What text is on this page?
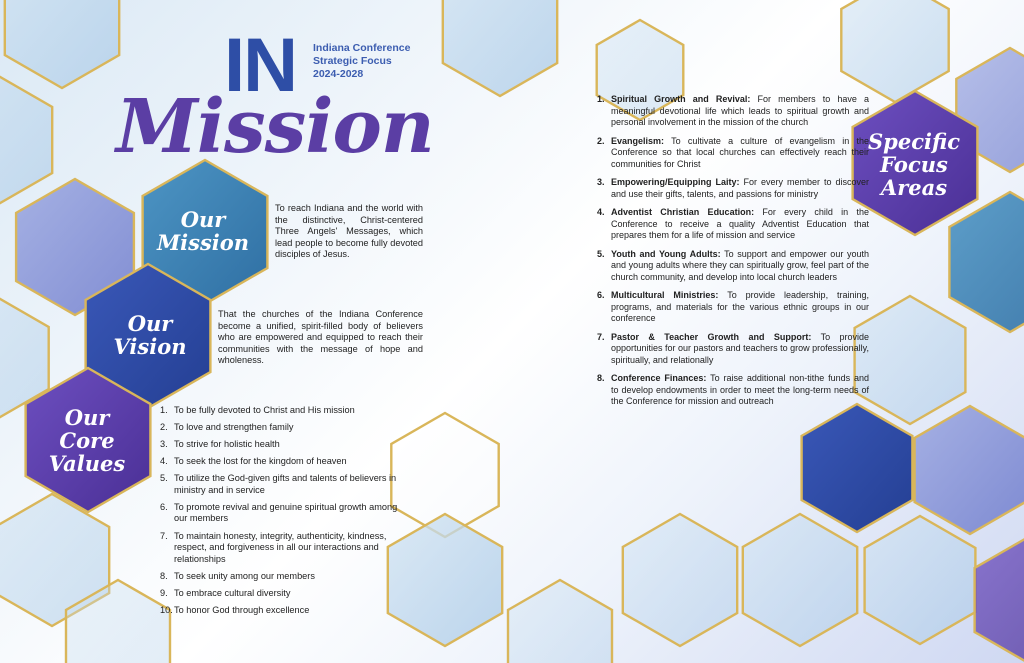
IN Indiana Conference
Strategic Focus
2024-2028
Mission
Our
Mission
To reach Indiana and the world with the distinctive, Christ-centered Three Angels' Messages, which lead people to become fully devoted disciples of Jesus.
Our
Vision
That the churches of the Indiana Conference become a unified, spirit-filled body of believers who are empowered and equipped to reach their communities with the message of hope and wholeness.
Our
Core
Values
1. To be fully devoted to Christ and His mission
2. To love and strengthen family
3. To strive for holistic health
4. To seek the lost for the kingdom of heaven
5. To utilize the God-given gifts and talents of believers in ministry and in service
6. To promote revival and genuine spiritual growth among our members
7. To maintain honesty, integrity, authenticity, kindness, respect, and forgiveness in all our interactions and relationships
8. To seek unity among our members
9. To embrace cultural diversity
10. To honor God through excellence
Specific
Focus
Areas
1. Spiritual Growth and Revival: For members to have a meaningful devotional life which leads to spiritual growth and personal involvement in the mission of the church
2. Evangelism: To cultivate a culture of evangelism in the Conference so that local churches can effectively reach their communities for Christ
3. Empowering/Equipping Laity: For every member to discover and use their gifts, talents, and passions for ministry
4. Adventist Christian Education: For every child in the Conference to receive a quality Adventist Education that prepares them for a life of mission and service
5. Youth and Young Adults: To support and empower our youth and young adults where they can spiritually grow, feel part of the church community, and develop into local church leaders
6. Multicultural Ministries: To provide leadership, training, programs, and materials for the various ethnic groups in our conference
7. Pastor & Teacher Growth and Support: To provide opportunities for our pastors and teachers to grow professionally, spiritually, and relationally
8. Conference Finances: To raise additional non-tithe funds and to develop endowments in order to meet the long-term needs of the Conference for mission and outreach
